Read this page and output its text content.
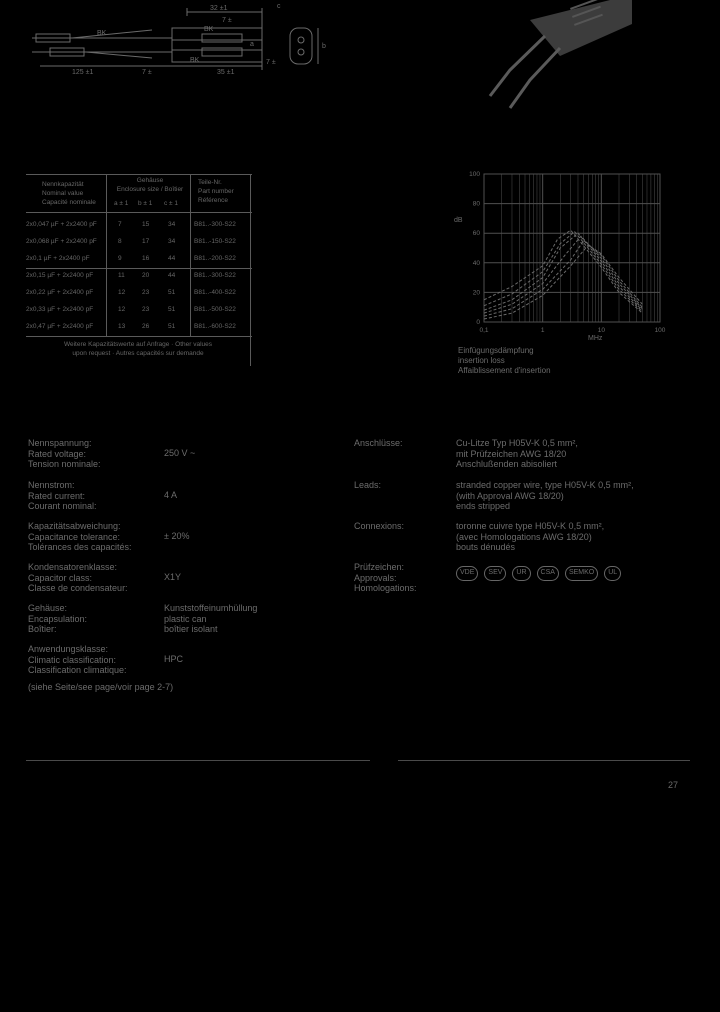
BK
BK
BK
a	b
c
125 ±1	7 ±	35 ±1
32 ±1
7 ±
7 ±
Nennkapazität
Nominal value
Capacité nominale
Gehäuse
Enclosure size / Boîtier
a ± 1 b ± 1 c ± 1
Teile-Nr.
Part number
Référence
2x0,047 µF + 2x2400 pF	7	15	34	B81..-300-S22
2x0,068 µF + 2x2400 pF	8	17	34	B81..-150-S22
2x0,1 µF + 2x2400 pF	9	16	44	B81..-200-S22
2x0,15 µF + 2x2400 pF	11	20	44	B81..-300-S22
2x0,22 µF + 2x2400 pF	12	23	51	B81..-400-S22
2x0,33 µF + 2x2400 pF	12	23	51	B81..-500-S22
2x0,47 µF + 2x2400 pF	13	26	51	B81..-600-S22
Weitere Kapazitätswerte auf Anfrage · Other values
upon request · Autres capacités sur demande
dB
MHz
0
20
40
60
80
100
0,1	1	10	100
Einfügungsdämpfung
insertion loss
Affaiblissement d'insertion
Nennspannung:
Rated voltage:
Tension nominale:
250 V ~
Nennstrom:
Rated current:
Courant nominal:
4 A
Kapazitätsabweichung:
Capacitance tolerance:
Tolérances des capacités:
± 20%
Kondensatorenklasse:
Capacitor class:
Classe de condensateur:
X1Y
Gehäuse:
Encapsulation:
Boîtier:
Kunststoffeinumhüllung
plastic can
boîtier isolant
Anwendungsklasse:
Climatic classification:
Classification climatique:
HPC
(siehe Seite/see page/voir page 2-7)
Anschlüsse:	Cu-Litze Typ H05V-K 0,5 mm²,
mit Prüfzeichen AWG 18/20
Anschlußenden abisoliert
Leads:	stranded copper wire, type H05V-K 0,5 mm²,
(with Approval AWG 18/20)
ends stripped
Connexions:	toronne cuivre type H05V-K 0,5 mm²,
(avec Homologations AWG 18/20)
bouts dénudés
Prüfzeichen:
Approvals:
Homologations:
VDE	SEV	UR	CSA	SEMKO	UL
27
